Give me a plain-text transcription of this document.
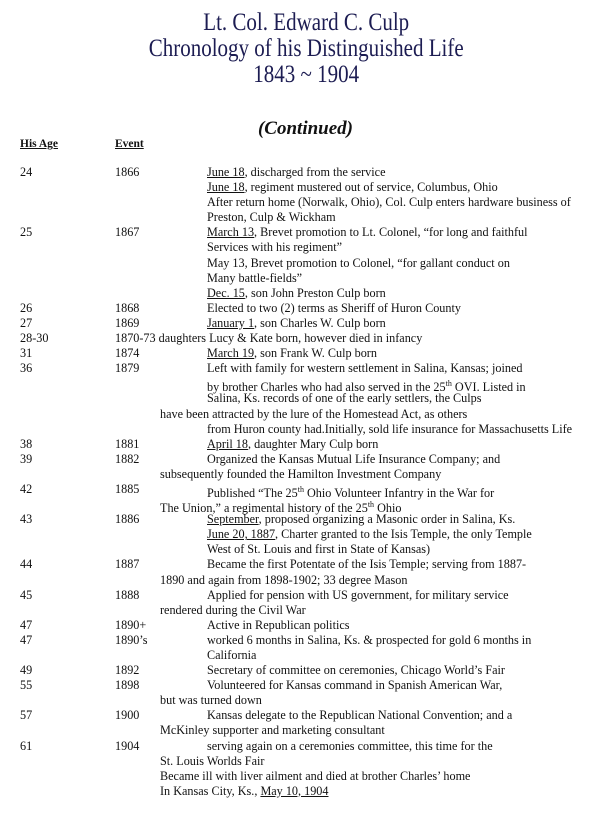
Lt. Col. Edward C. Culp
Chronology of his Distinguished Life
1843 ~ 1904
(Continued)
His Age	Event
24	1866	June 18, discharged from the service
June 18, regiment mustered out of service, Columbus, Ohio
After return home (Norwalk, Ohio), Col. Culp enters hardware business of
Preston, Culp & Wickham
25	1867	March 13, Brevet promotion to Lt. Colonel, “for long and faithful
Services with his regiment”
May 13, Brevet promotion to Colonel, “for gallant conduct on
Many battle-fields”
Dec. 15, son John Preston Culp born
26	1868	Elected to two (2) terms as Sheriff of Huron County
27	1869	January 1, son Charles W. Culp born
28-30	1870-73 daughters Lucy & Kate born, however died in infancy
31	1874	March 19, son Frank W. Culp born
36	1879	Left with family for western settlement in Salina, Kansas; joined
by brother Charles who had also served in the 25th OVI. Listed in
Salina, Ks. records of one of the early settlers, the Culps
have been attracted by the lure of the Homestead Act, as others
from Huron county had.Initially, sold life insurance for Massachusetts Life
38	1881	April 18, daughter Mary Culp born
39	1882	Organized the Kansas Mutual Life Insurance Company; and
subsequently founded the Hamilton Investment Company
42	1885	Published “The 25th Ohio Volunteer Infantry in the War for
The Union,” a regimental history of the 25th Ohio
43	1886	September, proposed organizing a Masonic order in Salina, Ks.
June 20, 1887, Charter granted to the Isis Temple, the only Temple
West of St. Louis and first in State of Kansas)
44	1887	Became the first Potentate of the Isis Temple; serving from 1887-
1890 and again from 1898-1902; 33 degree Mason
45	1888	Applied for pension with US government, for military service
rendered during the Civil War
47	1890+	Active in Republican politics
47	1890’s	worked 6 months in Salina, Ks. & prospected for gold 6 months in
California
49	1892	Secretary of committee on ceremonies, Chicago World’s Fair
55	1898	Volunteered for Kansas command in Spanish American War,
but was turned down
57	1900	Kansas delegate to the Republican National Convention; and a
McKinley supporter and marketing consultant
61	1904	serving again on a ceremonies committee, this time for the
St. Louis Worlds Fair
Became ill with liver ailment and died at brother Charles’ home
In Kansas City, Ks., May 10, 1904
